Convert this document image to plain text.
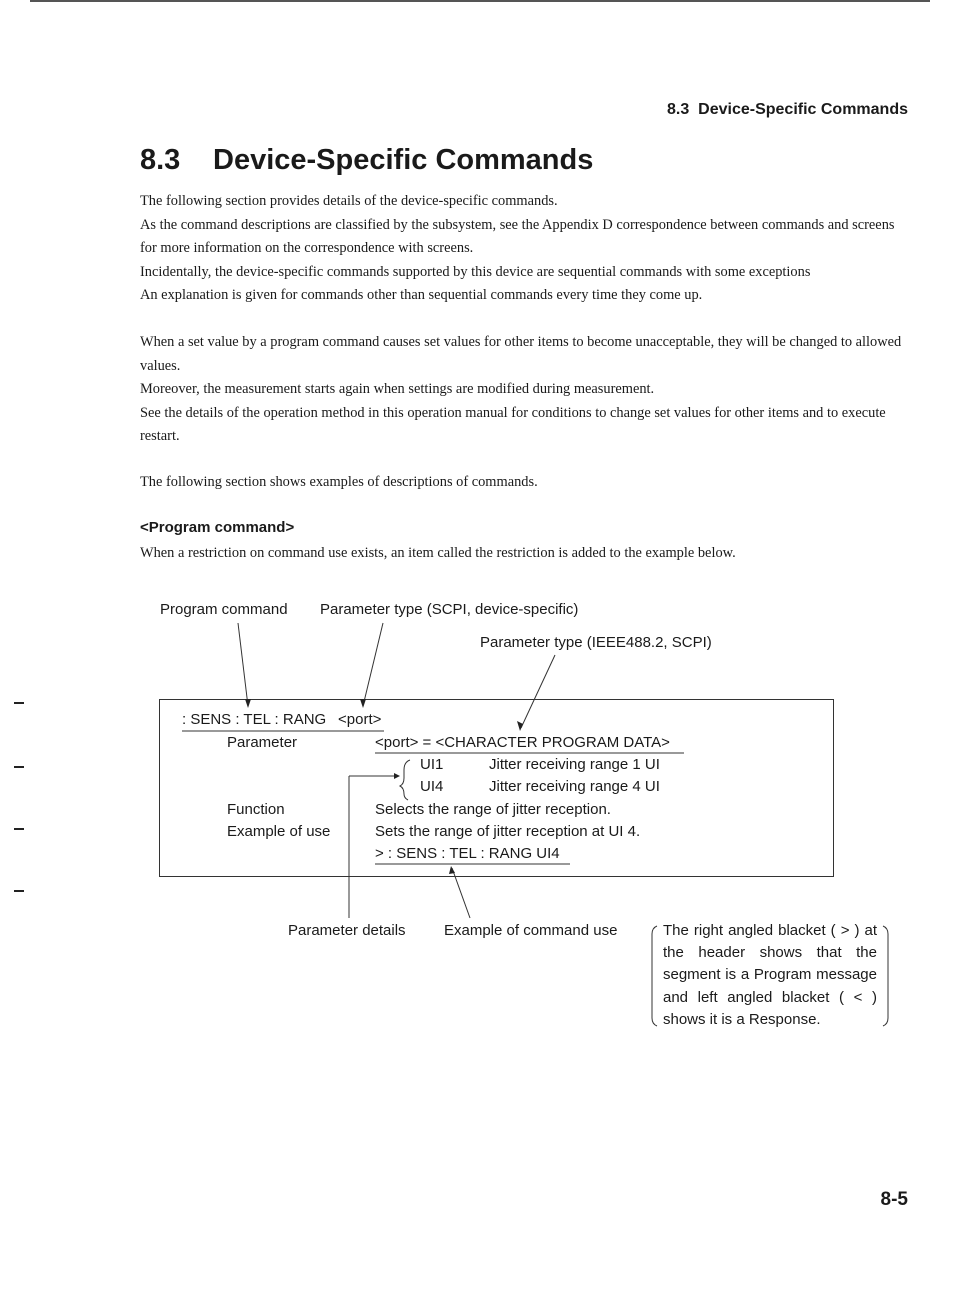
8.3  Device-Specific Commands
8.3 Device-Specific Commands

The following section provides details of the device-specific commands.

As the command descriptions are classified by the subsystem, see the Appendix D correspondence between commands and screens for more information on the correspondence with screens.

Incidentally, the device-specific commands supported by this device are sequential commands with some exceptions

An explanation is given for commands other than sequential commands every time they come up.

When a set value by a program command causes set values for other items to become unacceptable, they will be changed to allowed values.

Moreover, the measurement starts again when settings are modified during measurement.

See the details of the operation method in this operation manual for conditions to change set values for other items and to execute restart.

The following section shows examples of descriptions of commands.
<Program command>
When a restriction on command use exists, an item called the restriction is added to the example below.
Program command Parameter type (SCPI, device-specific)
Parameter type (IEEE488.2, SCPI)
: SENS : TEL : RANG <port>
Parameter	<port> = <CHARACTER PROGRAM DATA>
UI1	Jitter receiving range 1 UI
UI4	Jitter receiving range 4 UI
Function	Selects the range of jitter reception.
Example of use	Sets the range of jitter reception at UI 4.
> : SENS : TEL : RANG UI4
Parameter details	Example of command use	The right angled blacket ( > ) at the header shows that the segment is a Program message and left angled blacket ( < ) shows it is a Response.

8-5
